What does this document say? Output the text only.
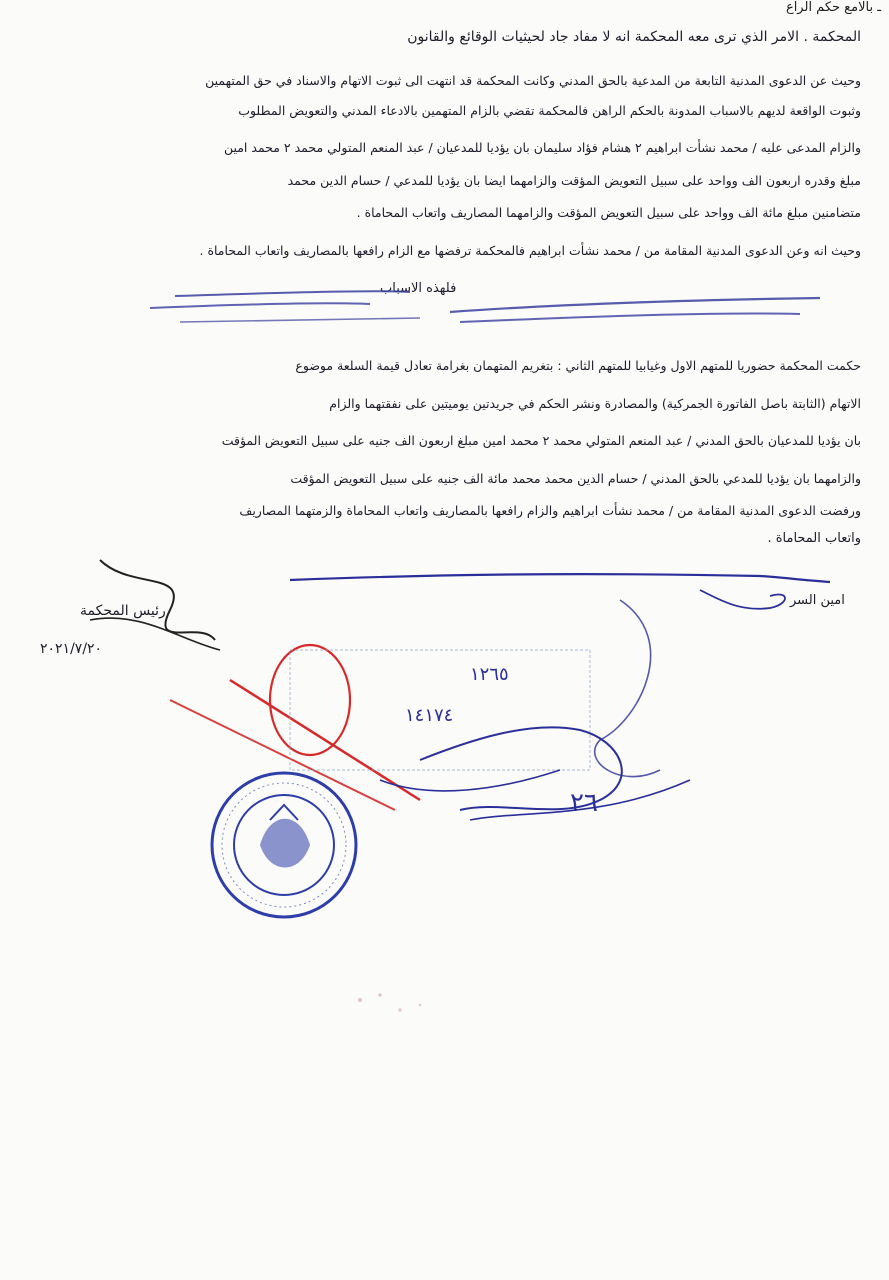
ـ بالامع حكم الراع
المحكمة . الامر الذي ترى معه المحكمة انه لا مفاد جاد لحيثيات الوقائع والقانون
وحيث عن الدعوى المدنية التابعة من المدعية بالحق المدني وكانت المحكمة قد انتهت الى ثبوت الاتهام والاسناد في حق المتهمين
وثبوت الواقعة لديهم بالاسباب المدونة بالحكم الراهن فالمحكمة تقضي بالزام المتهمين بالادعاء المدني والتعويض المطلوب
والزام المدعى عليه / محمد نشأت ابراهيم ٢ هشام فؤاد سليمان بان يؤديا للمدعيان / عبد المنعم المتولي محمد ٢ محمد امين
مبلغ وقدره اربعون الف وواحد على سبيل التعويض المؤقت والزامهما ايضا بان يؤديا للمدعي / حسام الدين محمد
متضامنين مبلغ مائة الف وواحد على سبيل التعويض المؤقت والزامهما المصاريف واتعاب المحاماة .
وحيث انه وعن الدعوى المدنية المقامة من / محمد نشأت ابراهيم فالمحكمة ترفضها مع الزام رافعها بالمصاريف واتعاب المحاماة .
فلهذه الاسباب
حكمت المحكمة حضوريا للمتهم الاول وغيابيا للمتهم الثاني : بتغريم المتهمان بغرامة تعادل قيمة السلعة موضوع
الاتهام (الثابتة باصل الفاتورة الجمركية) والمصادرة ونشر الحكم في جريدتين يوميتين على نفقتهما والزام
بان يؤديا للمدعيان بالحق المدني / عبد المنعم المتولي محمد ٢ محمد امين مبلغ اربعون الف جنيه على سبيل التعويض المؤقت
والزامهما بان يؤديا للمدعي بالحق المدني / حسام الدين محمد محمد مائة الف جنيه على سبيل التعويض المؤقت
ورفضت الدعوى المدنية المقامة من / محمد نشأت ابراهيم والزام رافعها بالمصاريف واتعاب المحاماة والزمتهما المصاريف
واتعاب المحاماة .
رئيس المحكمة
٢٠٢١/٧/٢٠
امين السر
١٢٦٥
١٤١٧٤
٢٦
